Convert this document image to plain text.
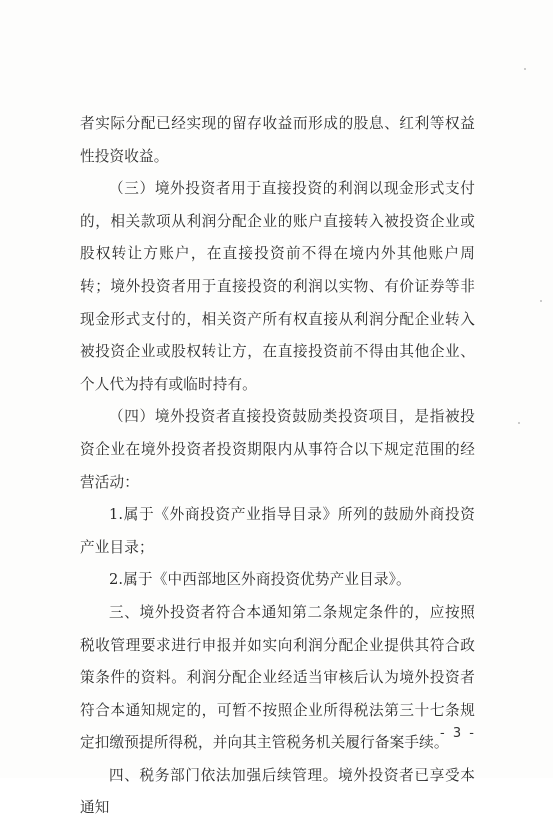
者实际分配已经实现的留存收益而形成的股息、红利等权益性投资收益。

（三）境外投资者用于直接投资的利润以现金形式支付的，相关款项从利润分配企业的账户直接转入被投资企业或股权转让方账户，在直接投资前不得在境内外其他账户周转；境外投资者用于直接投资的利润以实物、有价证券等非现金形式支付的，相关资产所有权直接从利润分配企业转入被投资企业或股权转让方，在直接投资前不得由其他企业、个人代为持有或临时持有。

（四）境外投资者直接投资鼓励类投资项目，是指被投资企业在境外投资者投资期限内从事符合以下规定范围的经营活动：

1.属于《外商投资产业指导目录》所列的鼓励外商投资产业目录；

2.属于《中西部地区外商投资优势产业目录》。

三、境外投资者符合本通知第二条规定条件的，应按照税收管理要求进行申报并如实向利润分配企业提供其符合政策条件的资料。利润分配企业经适当审核后认为境外投资者符合本通知规定的，可暂不按照企业所得税法第三十七条规定扣缴预提所得税，并向其主管税务机关履行备案手续。

四、税务部门依法加强后续管理。境外投资者已享受本通知

- 3 -
